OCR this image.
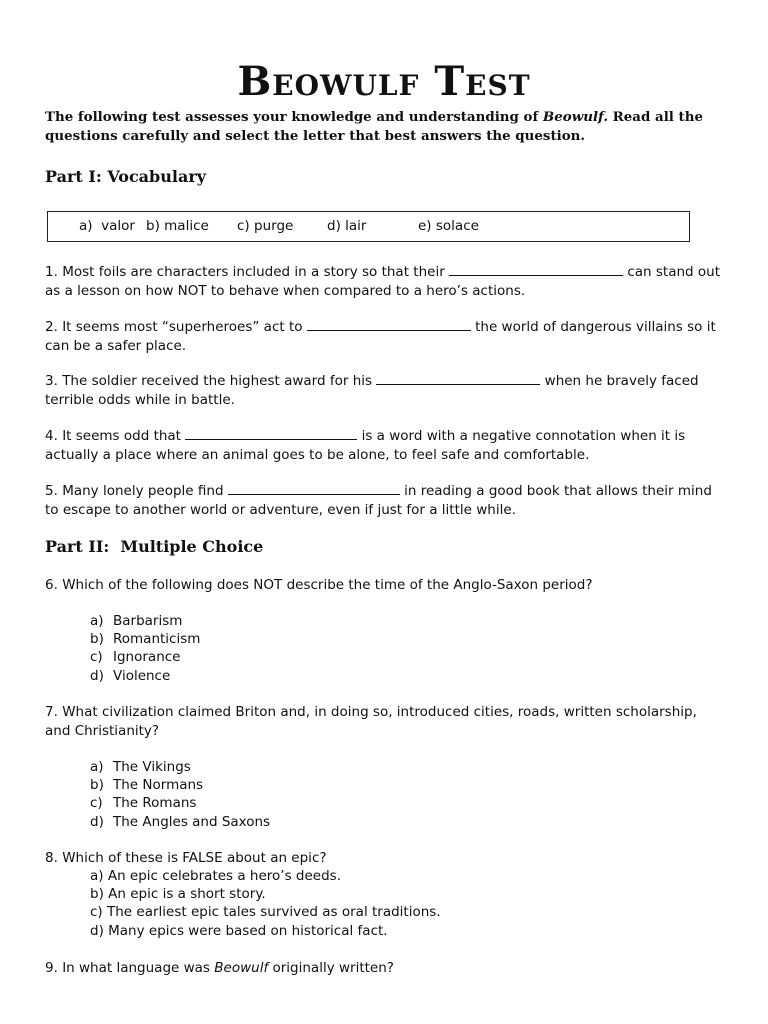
Beowulf Test
The following test assesses your knowledge and understanding of Beowulf. Read all the questions carefully and select the letter that best answers the question.
Part I: Vocabulary
a) valor b) malice c) purge d) lair	e) solace

1. Most foils are characters included in a story so that their	can stand out as a lesson on how NOT to behave when compared to a hero’s actions.

2. It seems most “superheroes” act to	the world of dangerous villains so it can be a safer place.

3. The soldier received the highest award for his	when he bravely faced terrible odds while in battle.

4. It seems odd that	is a word with a negative connotation when it is actually a place where an animal goes to be alone, to feel safe and comfortable.

5. Many lonely people find	in reading a good book that allows their mind to escape to another world or adventure, even if just for a little while.

Part II:  Multiple Choice

6. Which of the following does NOT describe the time of the Anglo-Saxon period?

a) Barbarism
b) Romanticism
c) Ignorance
d) Violence

7. What civilization claimed Briton and, in doing so, introduced cities, roads, written scholarship, and Christianity?

a) The Vikings
b) The Normans
c) The Romans
d) The Angles and Saxons

8. Which of these is FALSE about an epic?

a) An epic celebrates a hero’s deeds.
b) An epic is a short story.
c) The earliest epic tales survived as oral traditions.
d) Many epics were based on historical fact.

9. In what language was Beowulf originally written?
